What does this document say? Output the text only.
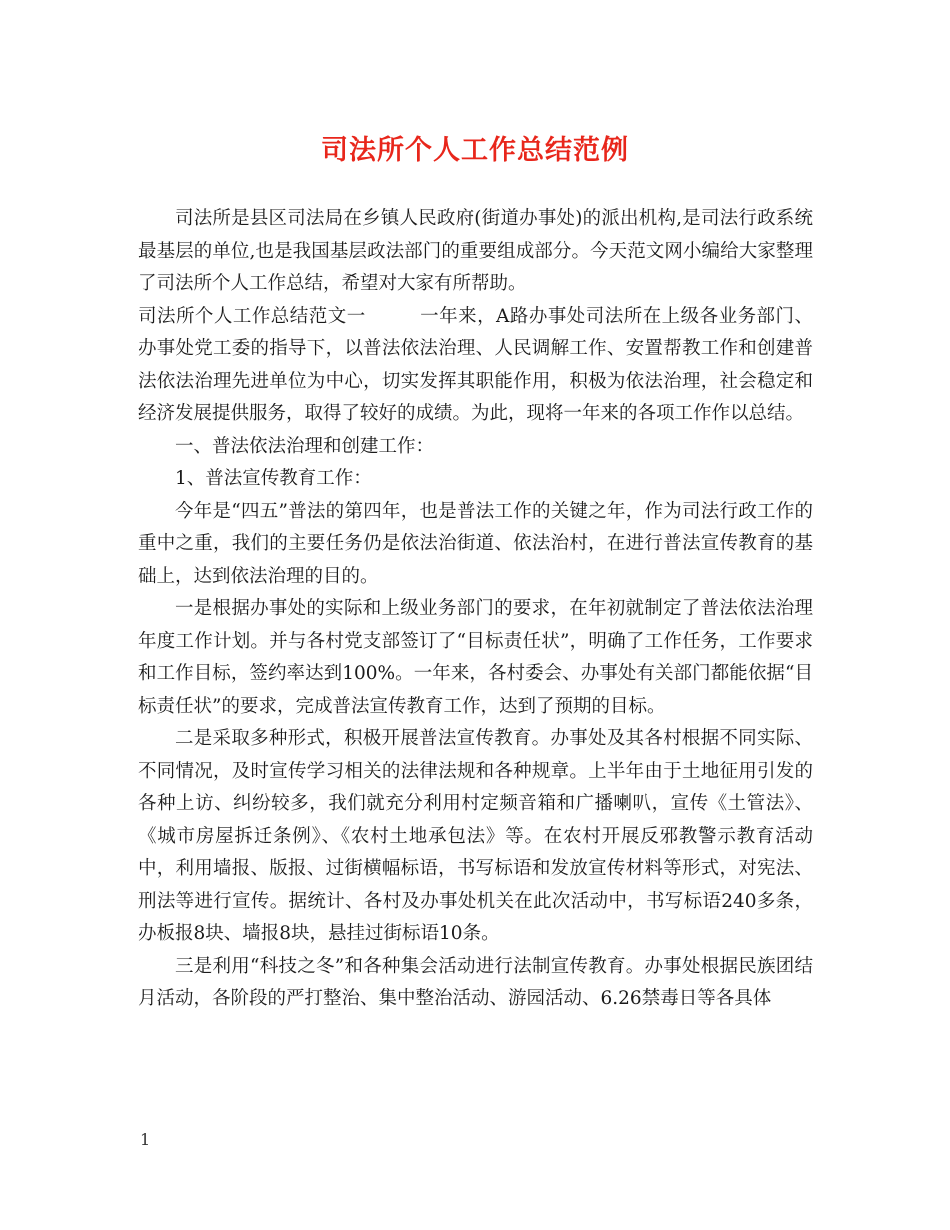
司法所个人工作总结范例

司法所是县区司法局在乡镇人民政府(街道办事处)的派出机构,是司法行政系统最基层的单位,也是我国基层政法部门的重要组成部分。今天范文网小编给大家整理了司法所个人工作总结，希望对大家有所帮助。

司法所个人工作总结范文一	一年来，A路办事处司法所在上级各业务部门、办事处党工委的指导下，以普法依法治理、人民调解工作、安置帮教工作和创建普法依法治理先进单位为中心，切实发挥其职能作用，积极为依法治理，社会稳定和经济发展提供服务，取得了较好的成绩。为此，现将一年来的各项工作作以总结。

一、普法依法治理和创建工作：

1、普法宣传教育工作：

今年是“四五”普法的第四年，也是普法工作的关键之年，作为司法行政工作的重中之重，我们的主要任务仍是依法治街道、依法治村，在进行普法宣传教育的基础上，达到依法治理的目的。

一是根据办事处的实际和上级业务部门的要求，在年初就制定了普法依法治理年度工作计划。并与各村党支部签订了“目标责任状”，明确了工作任务，工作要求和工作目标，签约率达到100%。一年来，各村委会、办事处有关部门都能依据“目标责任状”的要求，完成普法宣传教育工作，达到了预期的目标。

二是采取多种形式，积极开展普法宣传教育。办事处及其各村根据不同实际、不同情况，及时宣传学习相关的法律法规和各种规章。上半年由于土地征用引发的各种上访、纠纷较多，我们就充分利用村定频音箱和广播喇叭，宣传《土管法》、《城市房屋拆迁条例》、《农村土地承包法》等。在农村开展反邪教警示教育活动中，利用墙报、版报、过街横幅标语，书写标语和发放宣传材料等形式，对宪法、刑法等进行宣传。据统计、各村及办事处机关在此次活动中，书写标语240多条，办板报8块、墙报8块，悬挂过街标语10条。

三是利用“科技之冬”和各种集会活动进行法制宣传教育。办事处根据民族团结月活动，各阶段的严打整治、集中整治活动、游园活动、6.26禁毒日等各具体

1
